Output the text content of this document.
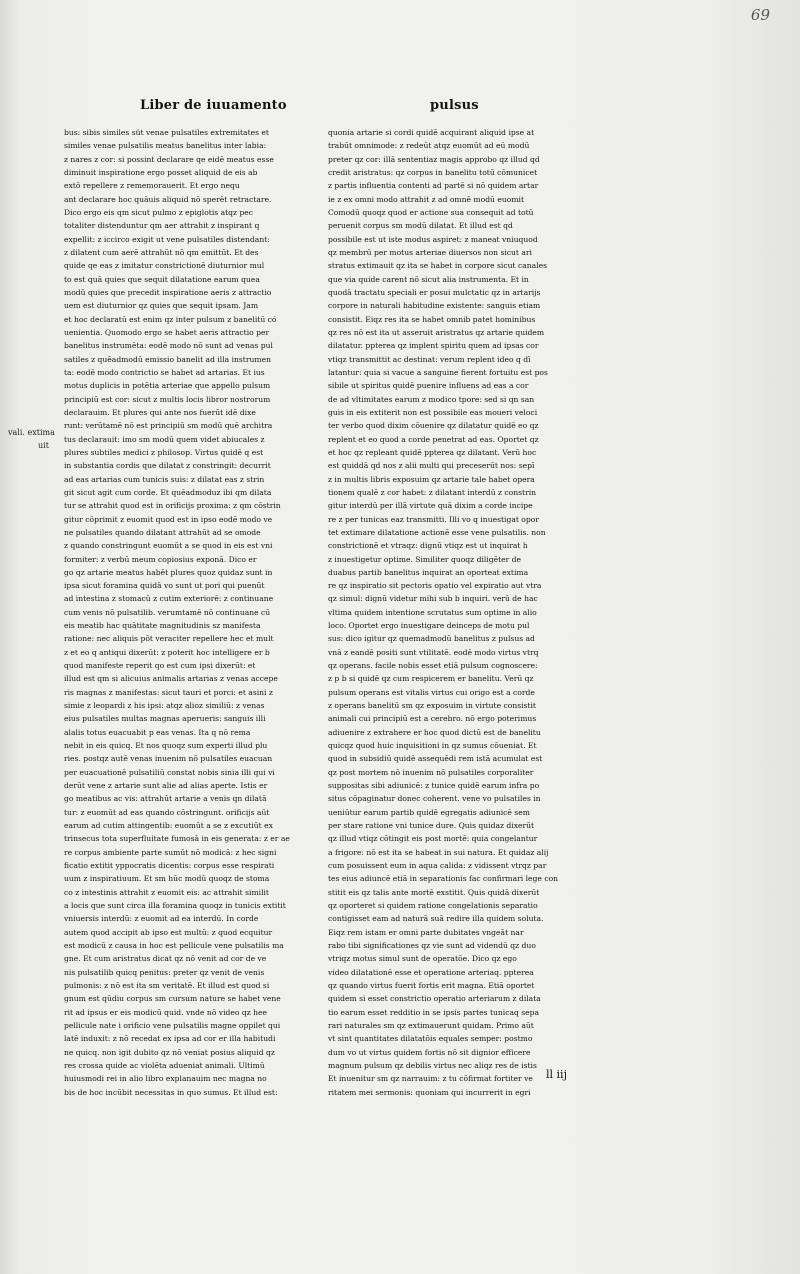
69
Liber de iuuamento	pulsus
vali. extima
uit
bus: sibis similes süt venae pulsatiles extremitates et
similes venae pulsatilis meatus banelitus inter labia:
z nares z cor: si possint declarare qe eidē meatus esse
diminuit inspiratione ergo posset aliquid de eis ab
extō repellere z rememorauerit. Et ergo nequ
ant declarare hoc quāuis aliquid nō sperēt retractare.
Dico ergo eis qm sicut pulmo z epiglotis atqz pec
totaliter distenduntur qm aer attrahit z inspirant q
expellit: z iccirco exigit ut vene pulsatiles distendant:
z dilatent cum aerē attrahūt nō qm emittūt. Et des
quide qe eas z imitatur constrictionē diuturnior mul
to est quā quies que sequit dilatatione earum quea
modū quies que precedit inspiratione aeris z attractio
uem est diuturnior qz quies que sequit ipsam. Jam
et hoc declaratū est enim qz inter pulsum z banelitū có
uenientia. Quomodo ergo se habet aeris attractio per
banelitus instrumēta: eodē modo nō sunt ad venas pul
satiles z quēadmodū emissio banelit ad illa instrumen
ta: eodē modo contrictio se habet ad artarias. Et ius
motus duplicis in potētia arteriae que appello pulsum
principiū est cor: sicut z multis locis libror nostrorum
declarauim. Et plures qui ante nos fuerūt idē dixe
runt: verūtamē nō est principiū sm modū quē architra
tus declarauit: imo sm modū quem videt abiucales z
plures subtiles medici z philosop. Virtus quidē q est
in substantia cordis que dilatat z constringit: decurrit
ad eas artarias cum tunicis suis: z dilatat eas z strin
git sicut agit cum corde. Et quēadmoduz ibi qm dilata
tur se attrahit quod est in orificijs proxima: z qm cōstrin
gitur cōprimit z euomit quod est in ipso eodē modo ve
ne pulsatiles quando dilatant attrahūt ad se omode
z quando constringunt euomūt a se quod in eis est vni
formiter: z verbū meum copiosius exponā. Dico er
go qz artarie meatus habēt plures quoz quidaz sunt in
ipsa sicut foramina quidā vo sunt ut pori qui puenūt
ad intestina z stomacū z cutim exteriorē: z continuane
cum venis nō pulsatilib. verumtamē nō continuane cū
eis meatib hac quātitate magnitudinis sz manifesta
ratione: nec aliquis pōt veraciter repellere hec et mult
z et eo q antiqui dixerūt: z poterit hoc intelligere er b
quod manifeste reperit qo est cum ipsi dixerūt: et
illud est qm si alicuius animalis artarias z venas accepe
ris magnas z manifestas: sicut tauri et porci: et asini z
simie z leopardi z his ipsi: atqz alioz similiū: z venas
eius pulsatiles multas magnas aperueris: sanguis illi
alalis totus euacuabit p eas venas. Ita q nō rema
nebit in eis quicq. Et nos quoqz sum experti illud plu
ries. postqz autē venas inuenim nō pulsatiles euacuan
per euacuationē pulsatiliū constat nobis sinia illi qui vi
derūt vene z artarie sunt alie ad alias aperte. Istis er
go meatibus ac vis: attrahūt artarie a venis qn dilatā
tur: z euomūt ad eas quando cōstringunt. orificijs aūt
earum ad cutim attingentib: euomūt a se z excutiūt ex
trinsecus tota superfluitate fumosā in eis generata: z er ae
re corpus ambiente parte sumūt nō modicā: z hec signi
ficatio extitit yppocratis dicentis: corpus esse respirati
uum z inspiratiuum. Et sm hūc modū quoqz de stoma
co z intestinis attrahit z euomit eis: ac attrahit similit
a locis que sunt circa illa foramina quoqz in tunicis extitit
vniuersis interdū: z euomit ad ea interdū. In corde
autem quod accipit ab ipso est multū: z quod ecquitur
est modicū z causa in hoc est pellicule vene pulsatilis ma
gne. Et cum aristratus dicat qz nō venit ad cor de ve
nis pulsatilib quicq penitus: preter qz venit de venis
pulmonis: z nō est ita sm veritatē. Et illud est quod si
gnum est qūdiu corpus sm cursum nature se habet vene
rit ad ipsus er eis modicū quid. vnde nō video qz hee
pellicule nate i orificio vene pulsatilis magne oppilet qui
latē induxit: z nō recedat ex ipsa ad cor er illa habitudi
ne quicq. non igit dubito qz nō veniat posius aliquid qz
res crossa quide ac violēta adueniat animali. Ultimū
huiusmodi rei in alio libro explanauim nec magna no
bis de hoc incūbit necessitas in quo sumus. Et illud est:
quonia artarie si cordi quidē acquirant aliquid ipse at
trabūt omnimode: z redeūt atqz euomūt ad eū modū
preter qz cor: illā sententiaz magis approbo qz illud qd
credit aristratus: qz corpus in banelitu totū cōmunicet
z partis influentia contenti ad partē si nō quidem artar
ie z ex omni modo attrahit z ad omnē modū euomit
Comodū quoqz quod er actione sua consequit ad totū
peruenit corpus sm modū dilatat. Et illud est qd
possibile est ut iste modus aspiret: z maneat vniuquod
qz membrū per motus arteriae diuersos non sicut ari
stratus extimauit qz ita se habet in corpore sicut canales
que via quide carent nō sicut alia instrumenta. Et in
quodā tractatu speciali er posui mulctatic qz in artarijs
corpore in naturali habitudine existente: sanguis etiam
consistit. Eiqz res ita se habet omnib patet hominibus
qz res nō est ita ut asseruit aristratus qz artarie quidem
dilatatur. ppterea qz implent spiritu quem ad ipsas cor
vtiqz transmittit ac destinat: verum replent ideo q dī
latantur: quia si vacue a sanguine fierent fortuitu est pos
sibile ut spiritus quidē puenire influens ad eas a cor
de ad vltimitates earum z modico tpore: sed si qn san
guis in eis extiterit non est possibile eas moueri veloci
ter verbo quod dixim cōuenire qz dilatatur quidē eo qz
replent et eo quod a corde penetrat ad eas. Oportet qz
et hoc qz repleant quidē ppterea qz dilatant. Verū hoc
est quiddā qd nos z alii multi qui preceserūt nos: sepī
z in multis libris exposuim qz artarie tale habet opera
tionem qualē z cor habet: z dilatant interdū z constrin
gitur interdū per illā virtute quā dixim a corde incipe
re z per tunicas eaz transmitti. Illi vo q inuestigat opor
tet extimare dilatatione actionē esse vene pulsatilis. non
constrictionē et vtraqz: dignū vtiqz est ut inquirat h
z inuestigetur optime. Similiter quoqz diligēter de
duabus partib banelitus inquirat an oporteat extima
re qz inspiratio sit pectoris opatio vel expiratio aut vtra
qz simul: dignū videtur mihi sub b inquiri. verū de hac
vltima quidem intentione scrutatus sum optime in alio
loco. Oportet ergo inuestigare deinceps de motu pul
sus: dico igitur qz quemadmodū banelitus z pulsus ad
vnā z eandē positi sunt vtilitatē. eodē modo virtus vtrq
qz operans. facile nobis esset etiā pulsum cognoscere:
z p b si quidē qz cum respicerem er banelitu. Verū qz
pulsum operans est vitalis virtus cui origo est a corde
z operans banelitū sm qz exposuim in virtute consistit
animali cui principiū est a cerebro. nō ergo poterimus
adiuenire z extrahere er hoc quod dictū est de banelitu
quicqz quod huic inquisitioni in qz sumus cōueniat. Et
quod in subsidiū quidē assequēdi rem istā acumulat est
qz post mortem nō inuenim nō pulsatiles corporaliter
suppositas sibi adiunicē: z tunice quidē earum infra po
situs cōpaginatur donec coherent. vene vo pulsatiles in
ueniūtur earum partib quidē egregatis adiunicē sem
per stare ratione vni tunice dure. Quis quidaz dixerūt
qz illud vtiqz cōtingit eis post mortē: quia congelantur
a frigore: nō est ita se habeat in sui natura. Et quidaz alij
cum posuissent eum in aqua calida: z vidissent vtrqz par
tes eius adiuncē etiā in separationis fac confirmari lege con
stitit eis qz talis ante mortē exstitit. Quis quidā dixerūt
qz oporteret si quidem ratione congelationis separatio
contigisset eam ad naturā suā redire illa quidem soluta.
Eiqz rem istam er omni parte dubitates vngeāt nar
rabo tibi significationes qz vie sunt ad videndū qz duo
vtriqz motus simul sunt de operatōe. Dico qz ego
video dilatationē esse et operatione arteriaq. ppterea
qz quando virtus fuerit fortis erit magna. Etiā oportet
quidem si esset constrictio operatio arteriarum z dilata
tio earum esset redditio in se ipsis partes tunicaq sepa
rari naturales sm qz extimauerunt quidam. Primo aūt
vt sint quantitates dilatatōis equales semper: postmo
dum vo ut virtus quidem fortis nō sit dignior efficere
magnum pulsum qz debilis virtus nec aliqz res de istis
Et inuenitur sm qz narrauim: z tu cōfirmat fortiter ve
ritatem mei sermonis: quoniam qui incurrerit in egri
ll iij
